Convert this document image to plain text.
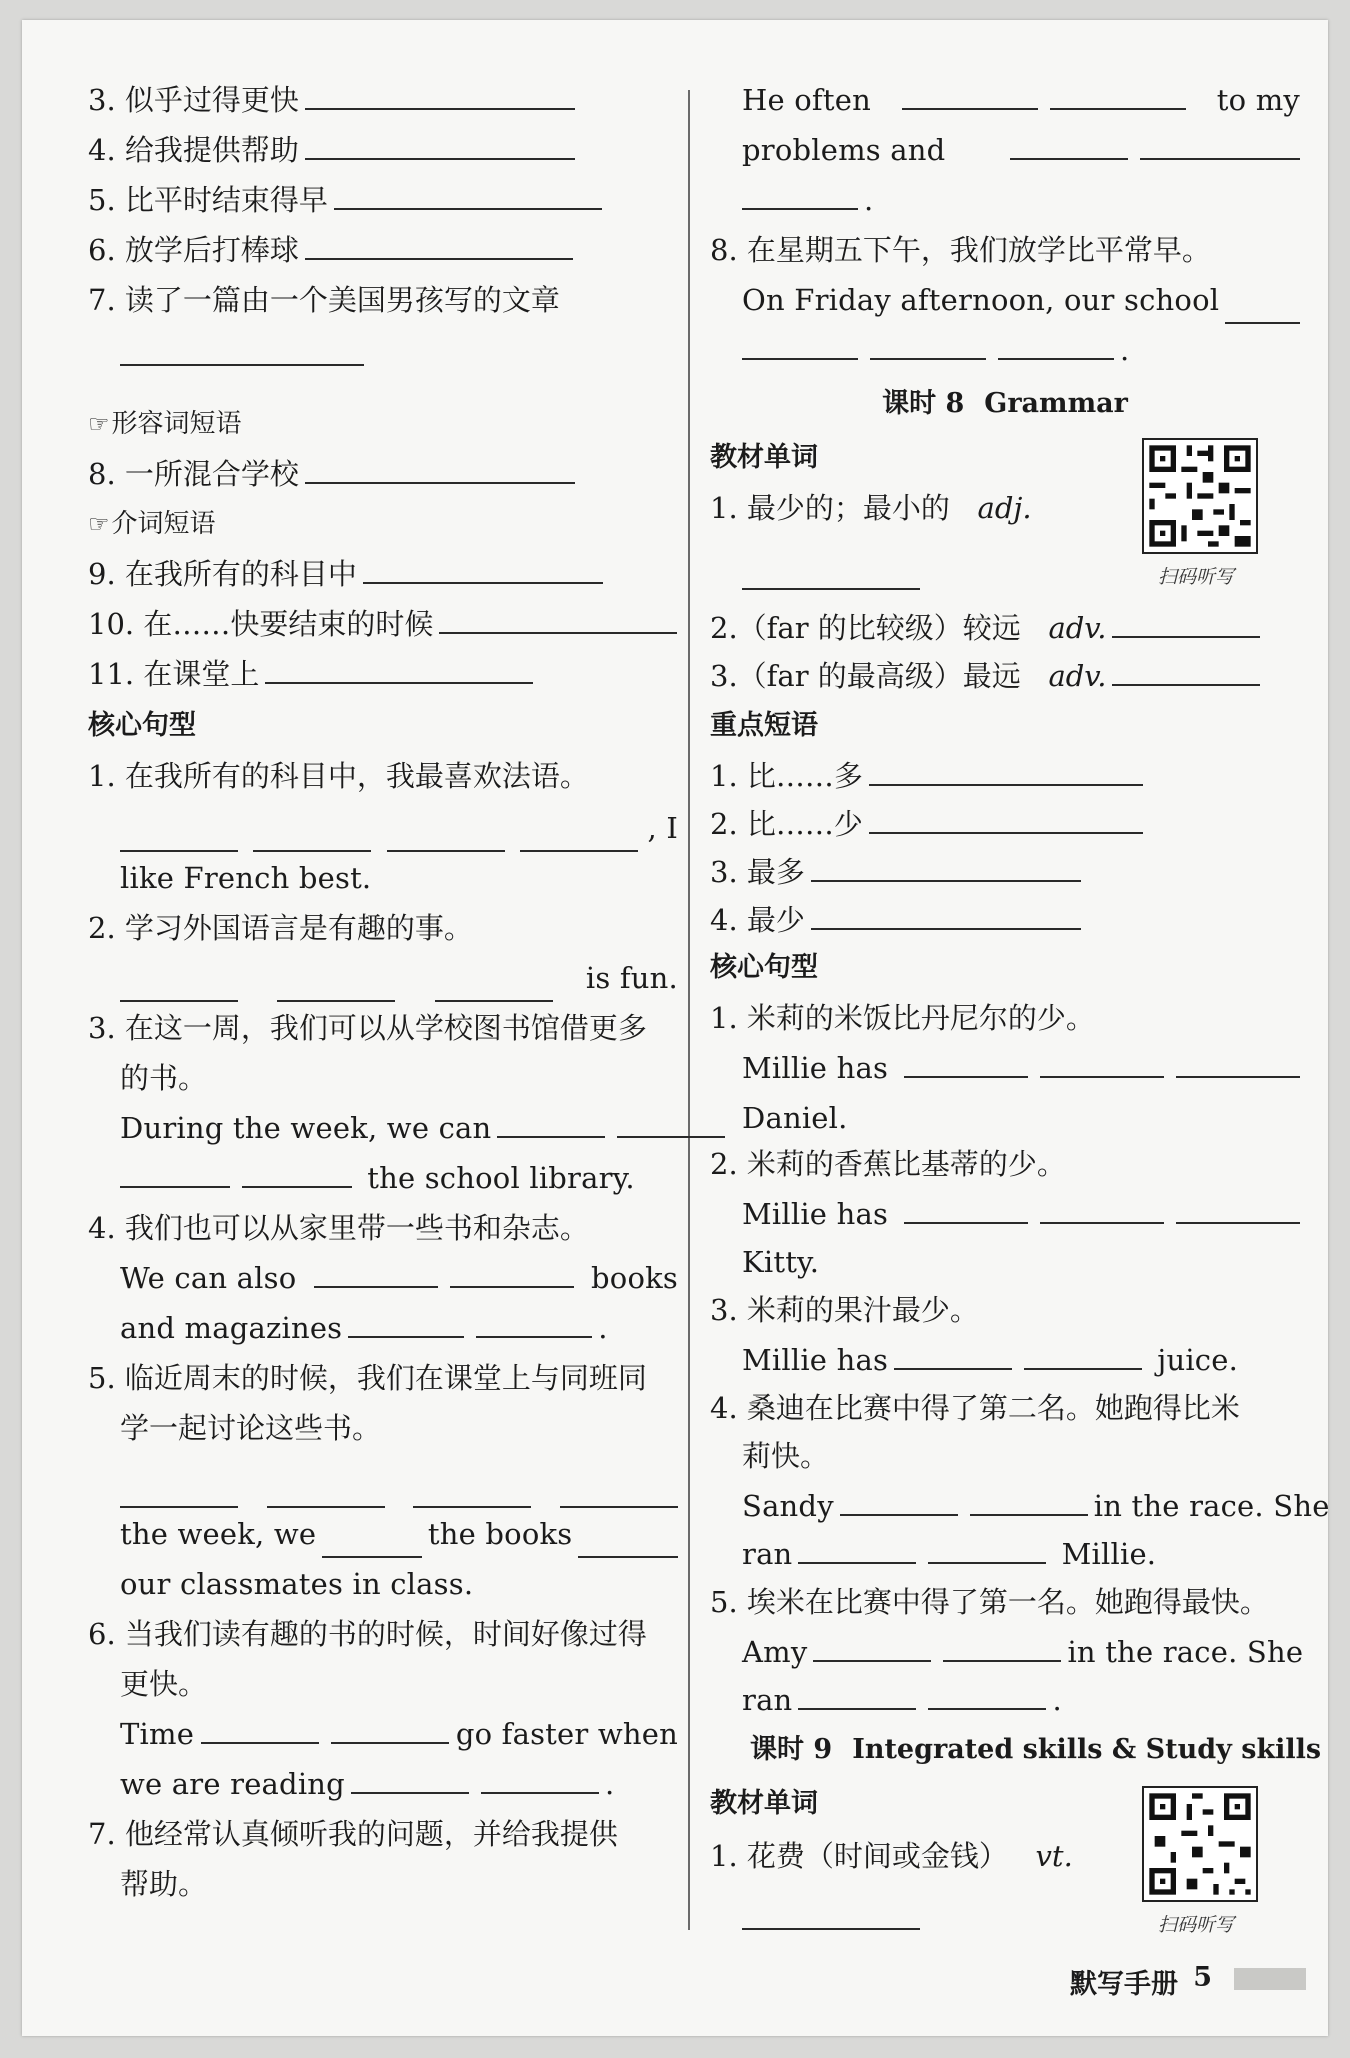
3. 似乎过得更快
4. 给我提供帮助
5. 比平时结束得早
6. 放学后打棒球
7. 读了一篇由一个美国男孩写的文章
☞形容词短语
8. 一所混合学校
☞介词短语
9. 在我所有的科目中
10. 在……快要结束的时候
11. 在课堂上
核心句型
1. 在我所有的科目中，我最喜欢法语。
, I
like French best.
2. 学习外国语言是有趣的事。
is fun.
3. 在这一周，我们可以从学校图书馆借更多
的书。
During the week, we can
the school library.
4. 我们也可以从家里带一些书和杂志。
We can also	books
and magazines	.
5. 临近周末的时候，我们在课堂上与同班同
学一起讨论这些书。
the week, we	the books
our classmates in class.
6. 当我们读有趣的书的时候，时间好像过得
更快。
Time	go faster when
we are reading	.
7. 他经常认真倾听我的问题，并给我提供
帮助。
He often	to my
problems and
.
8. 在星期五下午，我们放学比平常早。
On Friday afternoon, our school
.
课时 8 Grammar
教材单词
1. 最少的；最小的 adj.
2.（far 的比较级）较远 adv.
3.（far 的最高级）最远 adv.
重点短语
1. 比……多
2. 比……少
3. 最多
4. 最少
核心句型
1. 米莉的米饭比丹尼尔的少。
Millie has
Daniel.
2. 米莉的香蕉比基蒂的少。
Millie has
Kitty.
3. 米莉的果汁最少。
Millie has	juice.
4. 桑迪在比赛中得了第二名。她跑得比米
莉快。
Sandy	in the race. She
ran	Millie.
5. 埃米在比赛中得了第一名。她跑得最快。
Amy	in the race. She
ran	.
课时 9 Integrated skills & Study skills
教材单词
1. 花费（时间或金钱） vt.
扫码听写
扫码听写
默写手册 5
